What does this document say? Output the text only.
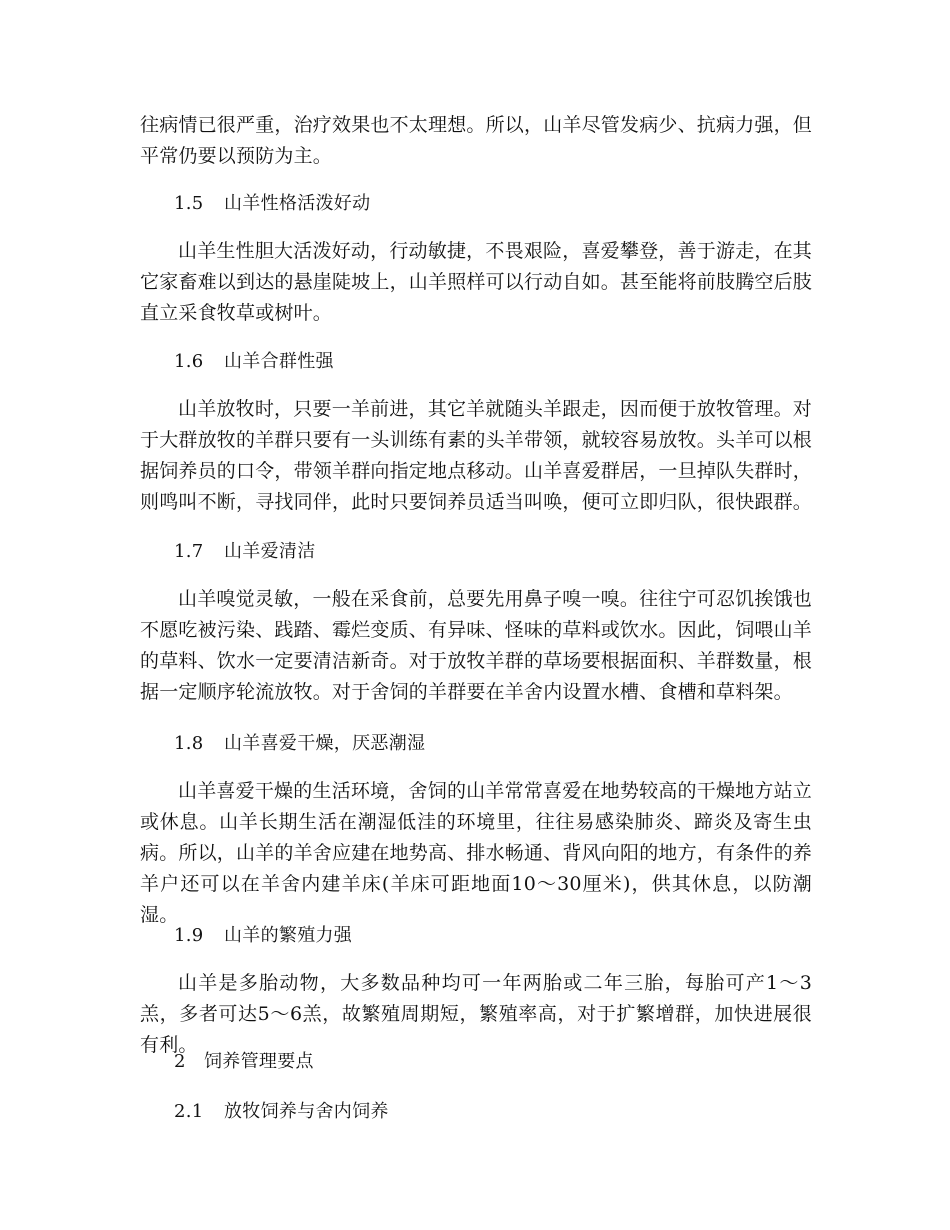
往病情已很严重，治疗效果也不太理想。所以，山羊尽管发病少、抗病力强，但平常仍要以预防为主。

1.5 山羊性格活泼好动

山羊生性胆大活泼好动，行动敏捷，不畏艰险，喜爱攀登，善于游走，在其它家畜难以到达的悬崖陡坡上，山羊照样可以行动自如。甚至能将前肢腾空后肢直立采食牧草或树叶。

1.6 山羊合群性强

山羊放牧时，只要一羊前进，其它羊就随头羊跟走，因而便于放牧管理。对于大群放牧的羊群只要有一头训练有素的头羊带领，就较容易放牧。头羊可以根据饲养员的口令，带领羊群向指定地点移动。山羊喜爱群居，一旦掉队失群时，则鸣叫不断，寻找同伴，此时只要饲养员适当叫唤，便可立即归队，很快跟群。

1.7 山羊爱清洁

山羊嗅觉灵敏，一般在采食前，总要先用鼻子嗅一嗅。往往宁可忍饥挨饿也不愿吃被污染、践踏、霉烂变质、有异味、怪味的草料或饮水。因此，饲喂山羊的草料、饮水一定要清洁新奇。对于放牧羊群的草场要根据面积、羊群数量，根据一定顺序轮流放牧。对于舍饲的羊群要在羊舍内设置水槽、食槽和草料架。

1.8 山羊喜爱干燥，厌恶潮湿

山羊喜爱干燥的生活环境，舍饲的山羊常常喜爱在地势较高的干燥地方站立或休息。山羊长期生活在潮湿低洼的环境里，往往易感染肺炎、蹄炎及寄生虫病。所以，山羊的羊舍应建在地势高、排水畅通、背风向阳的地方，有条件的养羊户还可以在羊舍内建羊床(羊床可距地面10～30厘米)，供其休息，以防潮湿。

1.9 山羊的繁殖力强

山羊是多胎动物，大多数品种均可一年两胎或二年三胎，每胎可产1～3羔，多者可达5～6羔，故繁殖周期短，繁殖率高，对于扩繁增群，加快进展很有利。

2 饲养管理要点
2.1 放牧饲养与舍内饲养
